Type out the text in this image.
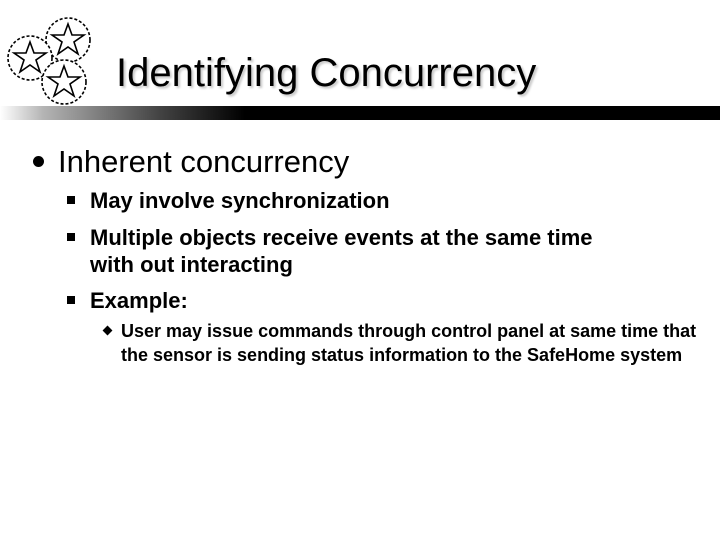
Identifying Concurrency
Inherent concurrency
May involve synchronization
Multiple objects receive events at the same time
with out interacting
Example:
User may issue commands through control panel at same time that the sensor is sending status information to the SafeHome system
